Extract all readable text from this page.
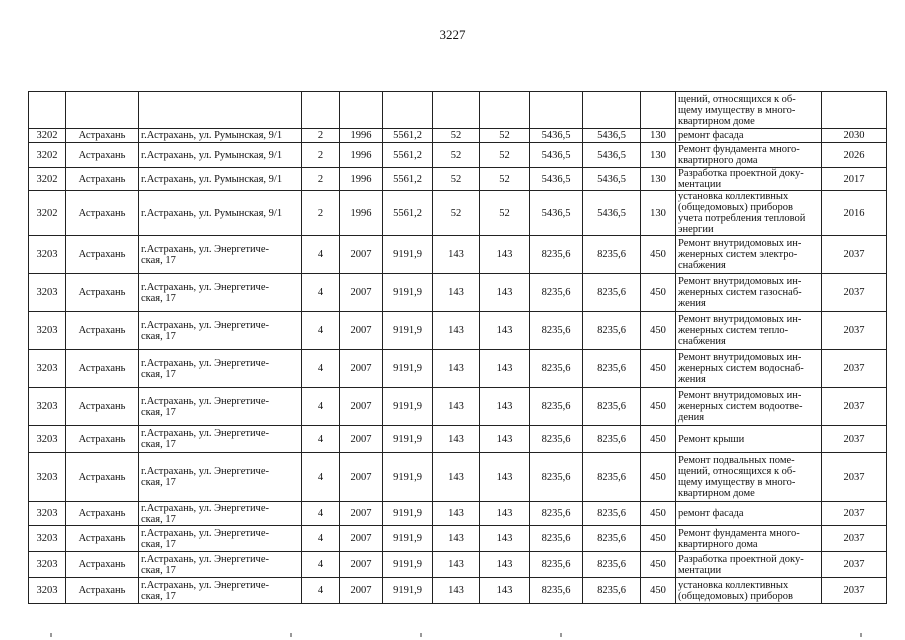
3227
											щений, относящихся к об-
щему имуществу в много-
квартирном доме	
3202	Астрахань	г.Астрахань, ул. Румынская, 9/1	2	1996	5561,2	52	52	5436,5	5436,5	130	ремонт фасада	2030
3202	Астрахань	г.Астрахань, ул. Румынская, 9/1	2	1996	5561,2	52	52	5436,5	5436,5	130	Ремонт фундамента много-
квартирного дома	2026
3202	Астрахань	г.Астрахань, ул. Румынская, 9/1	2	1996	5561,2	52	52	5436,5	5436,5	130	Разработка проектной доку-
ментации	2017
3202	Астрахань	г.Астрахань, ул. Румынская, 9/1	2	1996	5561,2	52	52	5436,5	5436,5	130	установка коллективных
(общедомовых) приборов
учета потребления тепловой
энергии	2016
3203	Астрахань	г.Астрахань, ул. Энергетиче-
ская, 17	4	2007	9191,9	143	143	8235,6	8235,6	450	Ремонт внутридомовых ин-
женерных систем электро-
снабжения	2037
3203	Астрахань	г.Астрахань, ул. Энергетиче-
ская, 17	4	2007	9191,9	143	143	8235,6	8235,6	450	Ремонт внутридомовых ин-
женерных систем газоснаб-
жения	2037
3203	Астрахань	г.Астрахань, ул. Энергетиче-
ская, 17	4	2007	9191,9	143	143	8235,6	8235,6	450	Ремонт внутридомовых ин-
женерных систем тепло-
снабжения	2037
3203	Астрахань	г.Астрахань, ул. Энергетиче-
ская, 17	4	2007	9191,9	143	143	8235,6	8235,6	450	Ремонт внутридомовых ин-
женерных систем водоснаб-
жения	2037
3203	Астрахань	г.Астрахань, ул. Энергетиче-
ская, 17	4	2007	9191,9	143	143	8235,6	8235,6	450	Ремонт внутридомовых ин-
женерных систем водоотве-
дения	2037
3203	Астрахань	г.Астрахань, ул. Энергетиче-
ская, 17	4	2007	9191,9	143	143	8235,6	8235,6	450	Ремонт крыши	2037
3203	Астрахань	г.Астрахань, ул. Энергетиче-
ская, 17	4	2007	9191,9	143	143	8235,6	8235,6	450	Ремонт подвальных поме-
щений, относящихся к об-
щему имуществу в много-
квартирном доме	2037
3203	Астрахань	г.Астрахань, ул. Энергетиче-
ская, 17	4	2007	9191,9	143	143	8235,6	8235,6	450	ремонт фасада	2037
3203	Астрахань	г.Астрахань, ул. Энергетиче-
ская, 17	4	2007	9191,9	143	143	8235,6	8235,6	450	Ремонт фундамента много-
квартирного дома	2037
3203	Астрахань	г.Астрахань, ул. Энергетиче-
ская, 17	4	2007	9191,9	143	143	8235,6	8235,6	450	Разработка проектной доку-
ментации	2037
3203	Астрахань	г.Астрахань, ул. Энергетиче-
ская, 17	4	2007	9191,9	143	143	8235,6	8235,6	450	установка коллективных
(общедомовых) приборов	2037
